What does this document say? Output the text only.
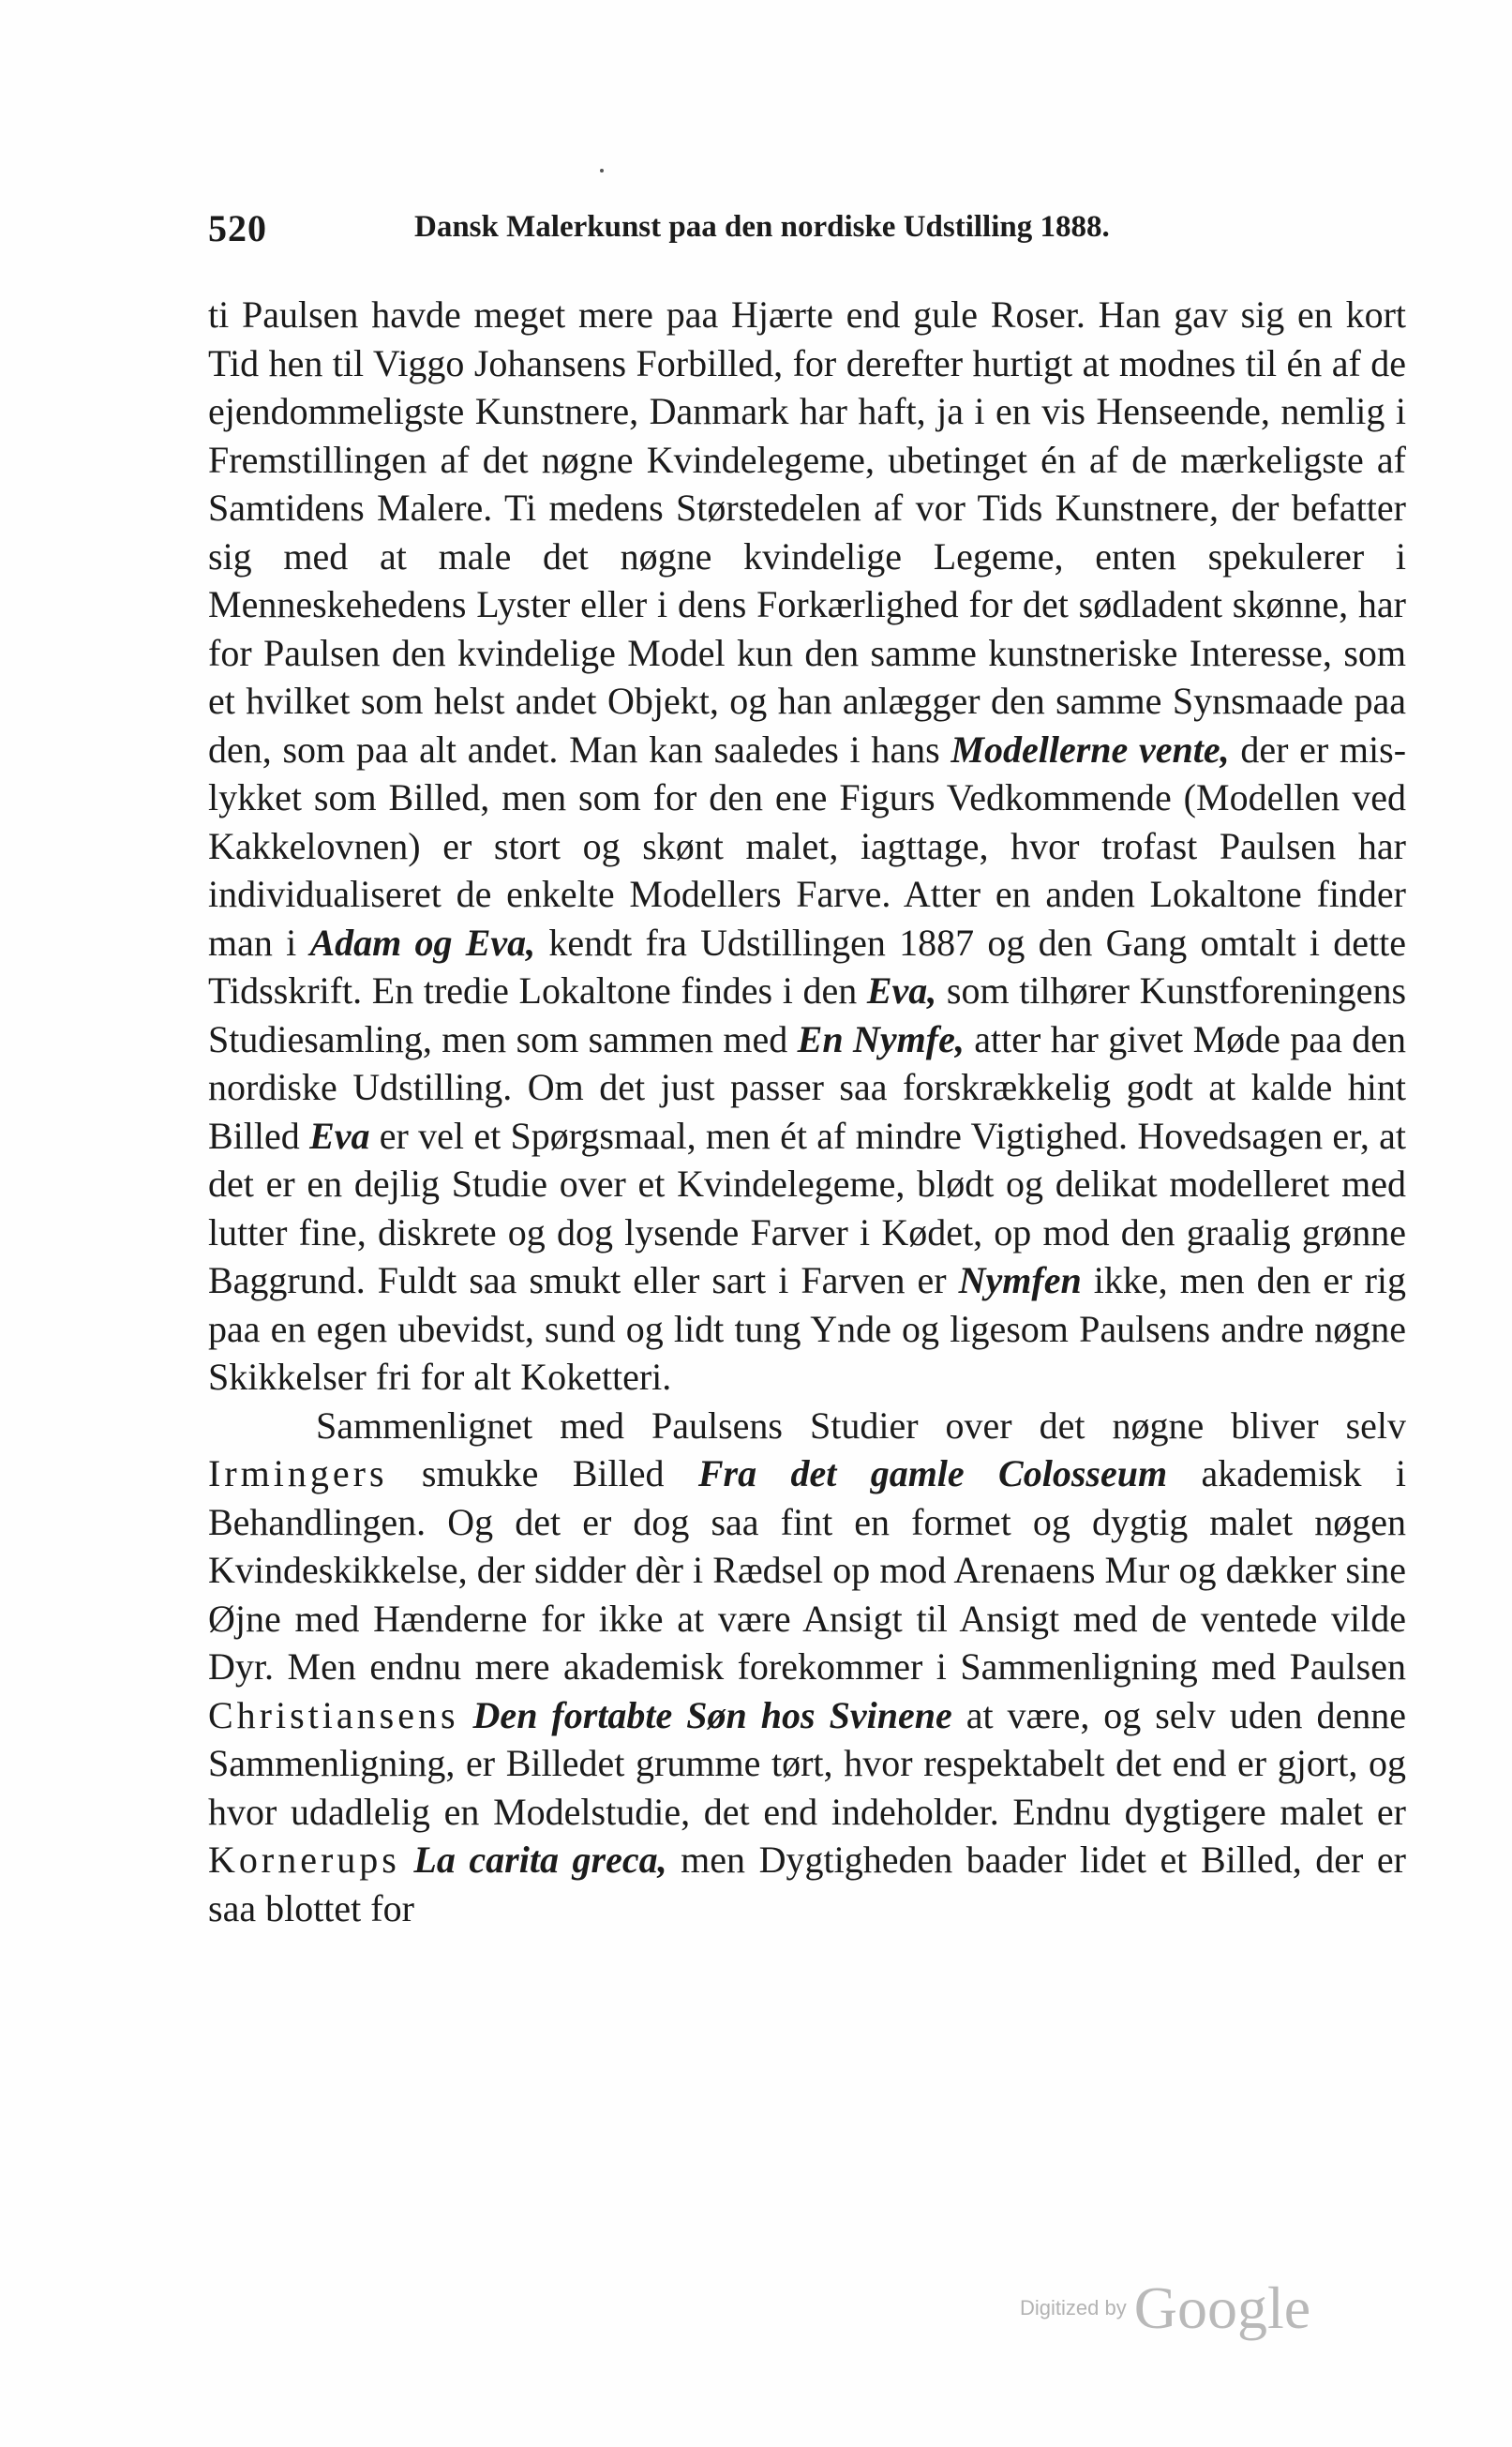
520	Dansk Malerkunst paa den nordiske Udstilling 1888.

ti Paulsen havde meget mere paa Hjærte end gule Roser. Han gav sig en kort Tid hen til Viggo Johansens Forbilled, for derefter hurtigt at modnes til én af de ejendommeligste Kunstnere, Danmark har haft, ja i en vis Henseende, nemlig i Fremstillingen af det nøgne Kvindelegeme, ubetinget én af de mærkeligste af Samtidens Malere. Ti medens Størstedelen af vor Tids Kunstnere, der befatter sig med at male det nøgne kvindelige Legeme, enten spekulerer i Menneskehedens Lyster eller i dens Forkærlighed for det sødladent skønne, har for Paulsen den kvindelige Model kun den samme kunstneriske Interesse, som et hvilket som helst andet Objekt, og han anlægger den samme Synsmaade paa den, som paa alt andet. Man kan saaledes i hans Modellerne vente, der er mislykket som Billed, men som for den ene Figurs Vedkommende (Modellen ved Kakkelovnen) er stort og skønt malet, iagttage, hvor trofast Paulsen har individualiseret de enkelte Modellers Farve. Atter en anden Lokaltone finder man i Adam og Eva, kendt fra Udstillingen 1887 og den Gang omtalt i dette Tidsskrift. En tredie Lokaltone findes i den Eva, som tilhører Kunstforeningens Studiesamling, men som sammen med En Nymfe, atter har givet Møde paa den nordiske Udstilling. Om det just passer saa forskrækkelig godt at kalde hint Billed Eva er vel et Spørgsmaal, men ét af mindre Vigtighed. Hovedsagen er, at det er en dejlig Studie over et Kvindelegeme, blødt og delikat modelleret med lutter fine, diskrete og dog lysende Farver i Kødet, op mod den graalig grønne Baggrund. Fuldt saa smukt eller sart i Farven er Nymfen ikke, men den er rig paa en egen ubevidst, sund og lidt tung Ynde og ligesom Paulsens andre nøgne Skikkelser fri for alt Koketteri.

Sammenlignet med Paulsens Studier over det nøgne bliver selv Irmingers smukke Billed Fra det gamle Colosseum akademisk i Behandlingen. Og det er dog saa fint en formet og dygtig malet nøgen Kvindeskikkelse, der sidder dèr i Rædsel op mod Arenaens Mur og dækker sine Øjne med Hænderne for ikke at være Ansigt til Ansigt med de ventede vilde Dyr. Men endnu mere akademisk forekommer i Sammenligning med Paulsen Christiansens Den fortabte Søn hos Svinene at være, og selv uden denne Sammenligning, er Billedet grumme tørt, hvor respektabelt det end er gjort, og hvor udadlelig en Modelstudie, det end indeholder. Endnu dygtigere malet er Kornerups La carita greca, men Dygtigheden baader lidet et Billed, der er saa blottet for

Digitized by Google
